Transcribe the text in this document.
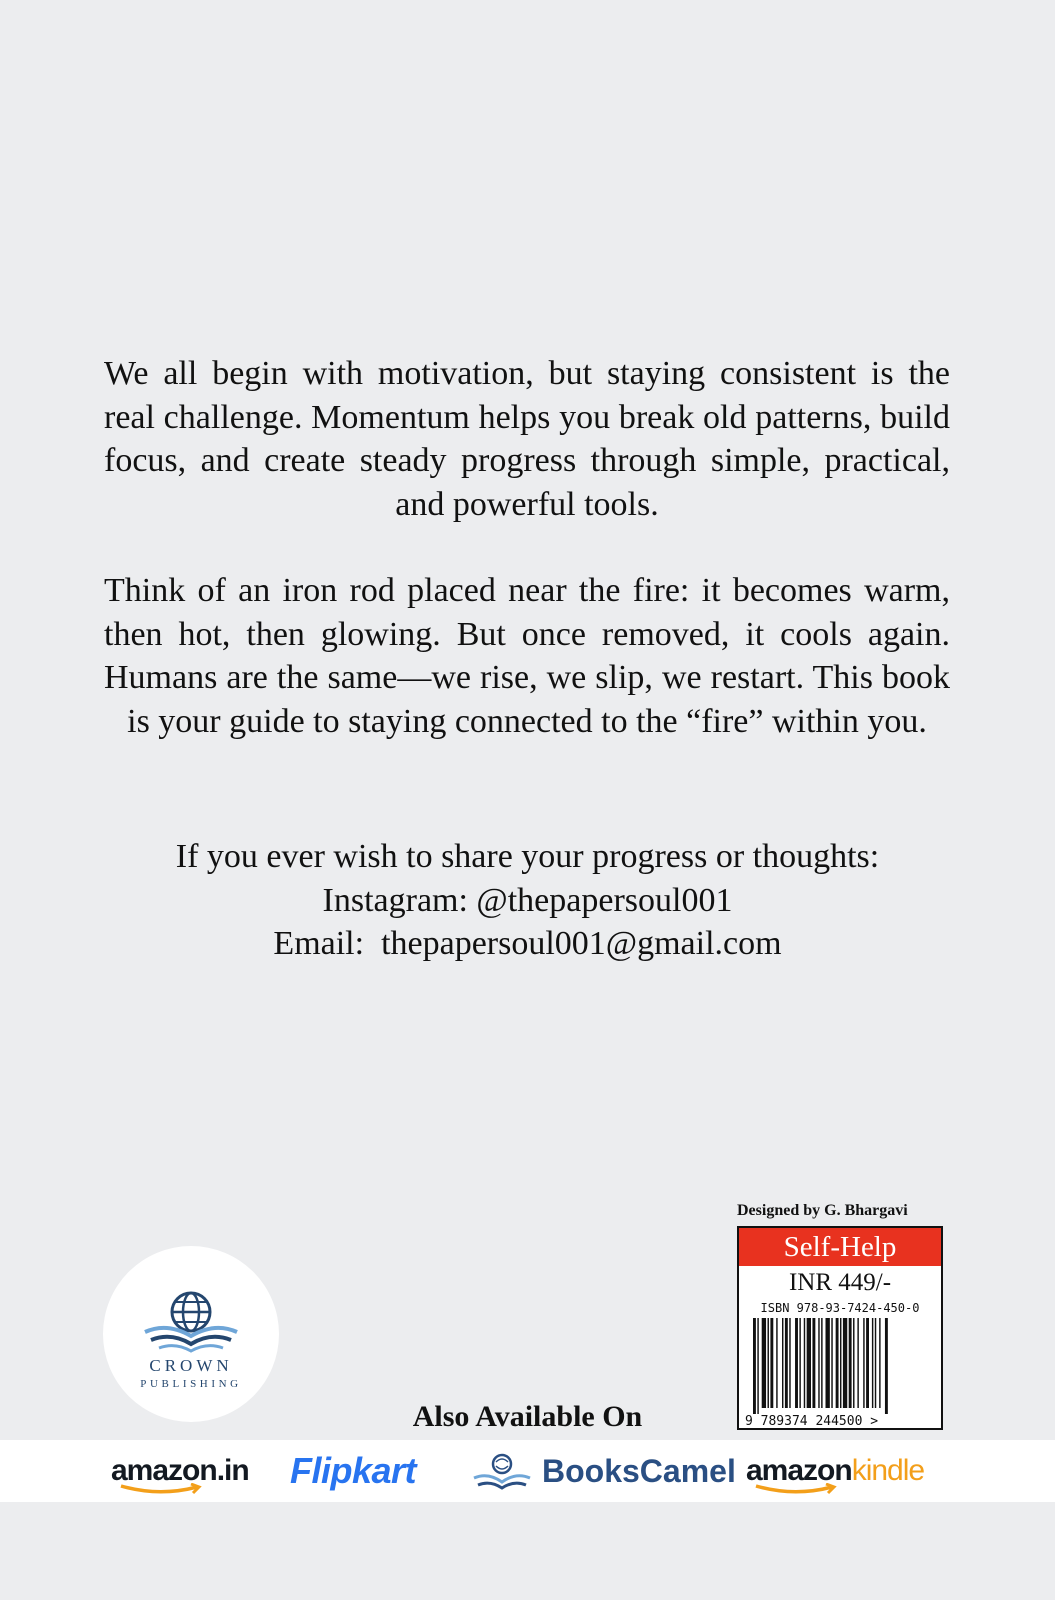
We all begin with motivation, but staying consistent is the real challenge. Momentum helps you break old patterns, build focus, and create steady progress through simple, practical, and powerful tools.

Think of an iron rod placed near the fire: it becomes warm, then hot, then glowing. But once removed, it cools again. Humans are the same—we rise, we slip, we restart. This book is your guide to staying connected to the “fire” within you.

If you ever wish to share your progress or thoughts:
Instagram: @thepapersoul001
Email:  thepapersoul001@gmail.com
CROWN
PUBLISHING
Designed by G. Bhargavi
Self-Help
INR 449/-
ISBN 978-93-7424-450-0
9 789374 244500 >
Also Available On
amazon.in Flipkart	BooksCamel amazonkindle
